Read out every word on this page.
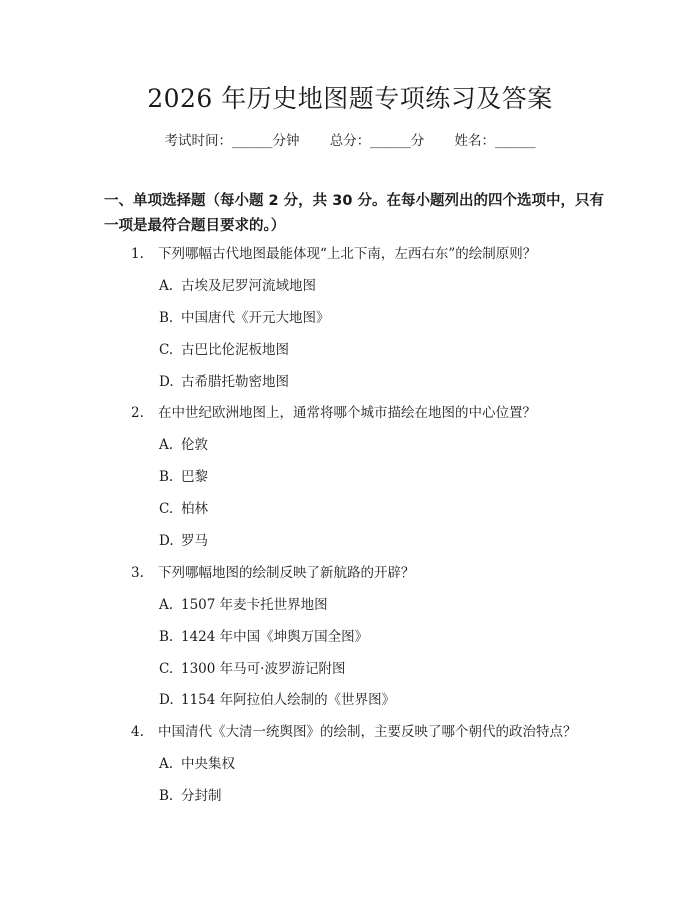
2026 年历史地图题专项练习及答案
考试时间：______分钟 总分：______分 姓名：______
一、单项选择题（每小题 2 分，共 30 分。在每小题列出的四个选项中，只有一项是最符合题目要求的。）
1. 下列哪幅古代地图最能体现“上北下南，左西右东”的绘制原则？
A. 古埃及尼罗河流域地图
B. 中国唐代《开元大地图》
C. 古巴比伦泥板地图
D. 古希腊托勒密地图
2. 在中世纪欧洲地图上，通常将哪个城市描绘在地图的中心位置？
A. 伦敦
B. 巴黎
C. 柏林
D. 罗马
3. 下列哪幅地图的绘制反映了新航路的开辟？
A. 1507 年麦卡托世界地图
B. 1424 年中国《坤舆万国全图》
C. 1300 年马可·波罗游记附图
D. 1154 年阿拉伯人绘制的《世界图》
4. 中国清代《大清一统舆图》的绘制，主要反映了哪个朝代的政治特点？
A. 中央集权
B. 分封制
